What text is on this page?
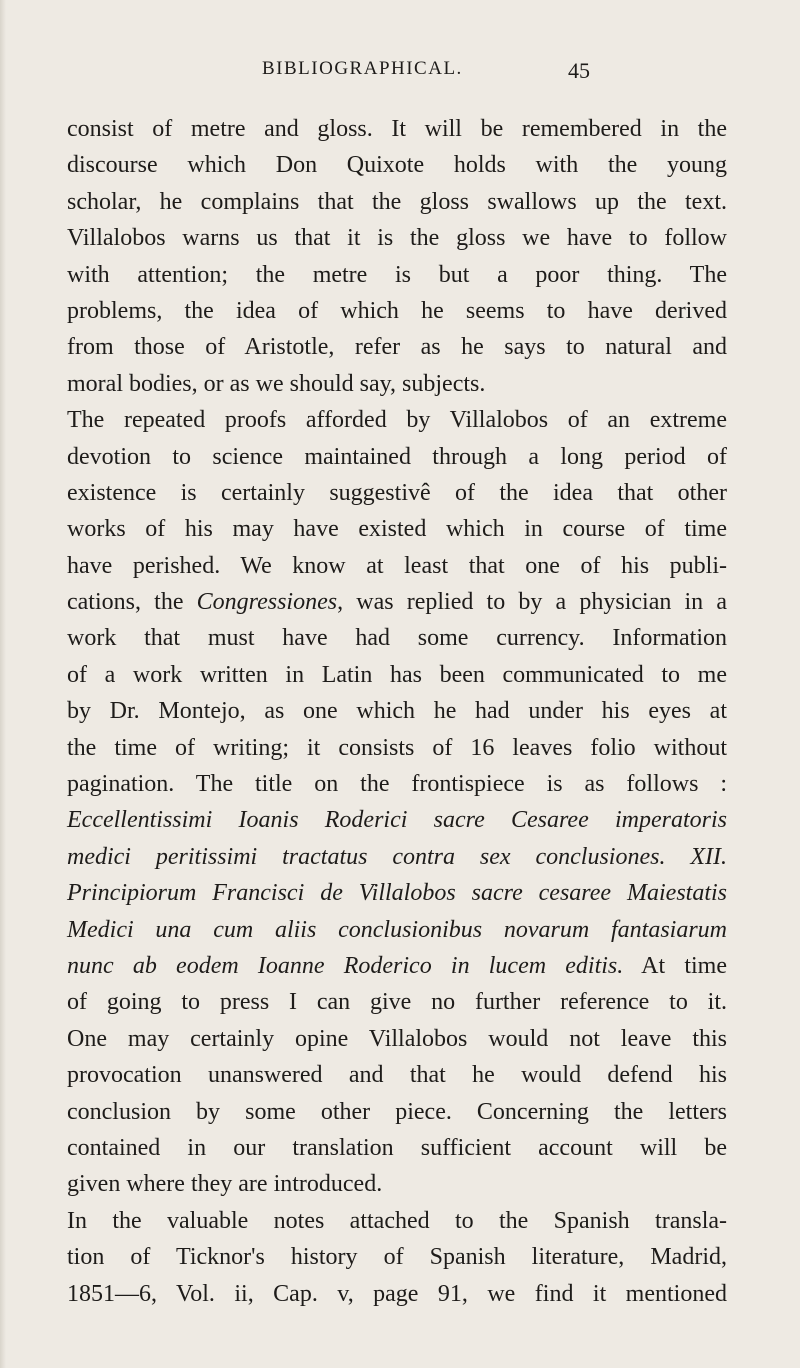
BIBLIOGRAPHICAL.	45
consist of metre and gloss. It will be remembered in the
discourse which Don Quixote holds with the young
scholar, he complains that the gloss swallows up the text.
Villalobos warns us that it is the gloss we have to follow
with attention; the metre is but a poor thing. The
problems, the idea of which he seems to have derived
from those of Aristotle, refer as he says to natural and
moral bodies, or as we should say, subjects.
The repeated proofs afforded by Villalobos of an extreme
devotion to science maintained through a long period of
existence is certainly suggestivê of the idea that other
works of his may have existed which in course of time
have perished. We know at least that one of his publi-
cations, the Congressiones, was replied to by a physician in a
work that must have had some currency. Information
of a work written in Latin has been communicated to me
by Dr. Montejo, as one which he had under his eyes at
the time of writing; it consists of 16 leaves folio without
pagination. The title on the frontispiece is as follows :
Eccellentissimi Ioanis Roderici sacre Cesaree imperatoris
medici peritissimi tractatus contra sex conclusiones. XII.
Principiorum Francisci de Villalobos sacre cesaree Maiestatis
Medici una cum aliis conclusionibus novarum fantasiarum
nunc ab eodem Ioanne Roderico in lucem editis. At time
of going to press I can give no further reference to it.
One may certainly opine Villalobos would not leave this
provocation unanswered and that he would defend his
conclusion by some other piece. Concerning the letters
contained in our translation sufficient account will be
given where they are introduced.
In the valuable notes attached to the Spanish transla-
tion of Ticknor's history of Spanish literature, Madrid,
1851—6, Vol. ii, Cap. v, page 91, we find it mentioned
